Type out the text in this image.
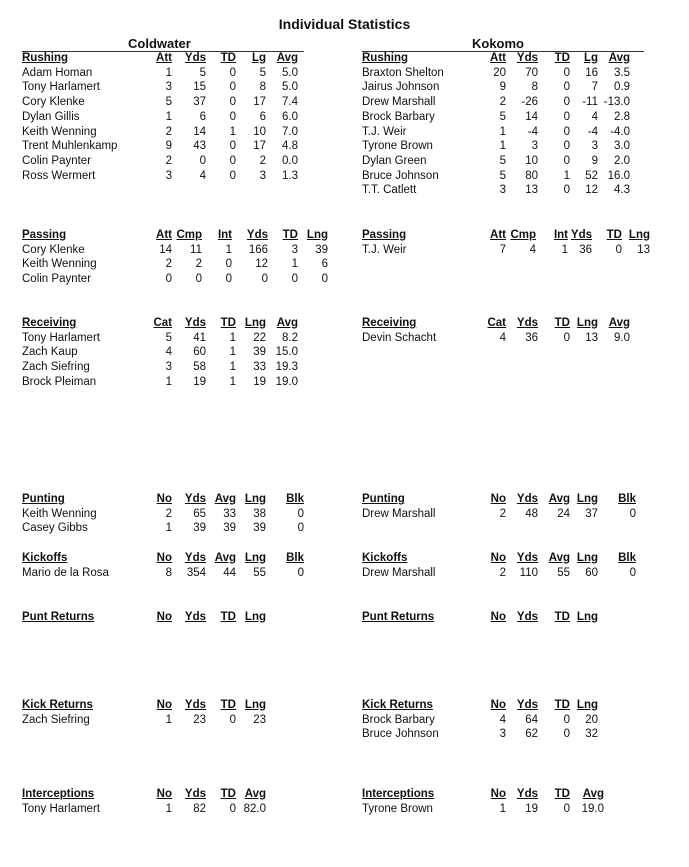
Individual Statistics
Coldwater	Kokomo
Rushing	Att	Yds	TD	Lg	Avg
Adam Homan	1	5	0	5	5.0
Tony Harlamert	3	15	0	8	5.0
Cory Klenke	5	37	0	17	7.4
Dylan Gillis	1	6	0	6	6.0
Keith Wenning	2	14	1	10	7.0
Trent Muhlenkamp	9	43	0	17	4.8
Colin Paynter	2	0	0	2	0.0
Ross Wermert	3	4	0	3	1.3
Passing	Att	Cmp	Int	Yds	TD	Lng
Cory Klenke	14	11	1	166	3	39
Keith Wenning	2	2	0	12	1	6
Colin Paynter	0	0	0	0	0	0
Receiving	Cat	Yds	TD	Lng	Avg
Tony Harlamert	5	41	1	22	8.2
Zach Kaup	4	60	1	39	15.0
Zach Siefring	3	58	1	33	19.3
Brock Pleiman	1	19	1	19	19.0
Punting	No	Yds	Avg	Lng	Blk
Keith Wenning	2	65	33	38	0
Casey Gibbs	1	39	39	39	0
Kickoffs	No	Yds	Avg	Lng	Blk
Mario de la Rosa	8	354	44	55	0
Punt Returns	No	Yds	TD	Lng
Kick Returns	No	Yds	TD	Lng
Zach Siefring	1	23	0	23
Interceptions	No	Yds	TD	Avg
Tony Harlamert	1	82	0	82.0
Rushing	Att	Yds	TD	Lg	Avg
Braxton Shelton	20	70	0	16	3.5
Jairus Johnson	9	8	0	7	0.9
Drew Marshall	2	-26	0	-11	-13.0
Brock Barbary	5	14	0	4	2.8
T.J. Weir	1	-4	0	-4	-4.0
Tyrone Brown	1	3	0	3	3.0
Dylan Green	5	10	0	9	2.0
Bruce Johnson	5	80	1	52	16.0
T.T. Catlett	3	13	0	12	4.3
Passing	Att	Cmp	Int	Yds	TD	Lng
T.J. Weir	7	4	1	36	0	13
Receiving	Cat	Yds	TD	Lng	Avg
Devin Schacht	4	36	0	13	9.0
Punting	No	Yds	Avg	Lng	Blk
Drew Marshall	2	48	24	37	0
Kickoffs	No	Yds	Avg	Lng	Blk
Drew Marshall	2	110	55	60	0
Punt Returns	No	Yds	TD	Lng
Kick Returns	No	Yds	TD	Lng
Brock Barbary	4	64	0	20
Bruce Johnson	3	62	0	32
Interceptions	No	Yds	TD	Avg
Tyrone Brown	1	19	0	19.0
